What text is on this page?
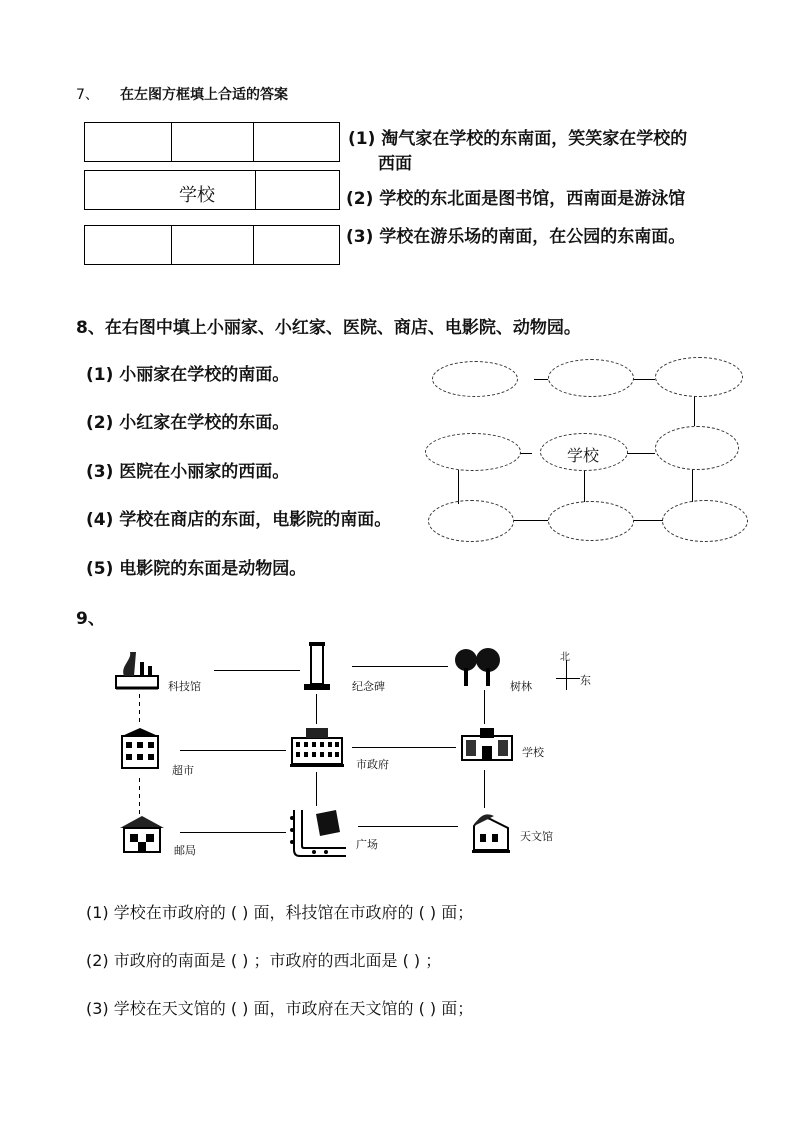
7、 在左图方框填上合适的答案
学校
(1) 淘气家在学校的东南面，笑笑家在学校的
西面
(2) 学校的东北面是图书馆，西南面是游泳馆
(3) 学校在游乐场的南面，在公园的东南面。
8、在右图中填上小丽家、小红家、医院、商店、电影院、动物园。
(1) 小丽家在学校的南面。
(2) 小红家在学校的东面。
(3) 医院在小丽家的西面。
(4) 学校在商店的东面，电影院的南面。
(5) 电影院的东面是动物园。
学校
9、
科技馆	纪念碑	树林
北
东
超市	市政府
学校
邮局	广场
天文馆
(1) 学校在市政府的 ( ) 面，科技馆在市政府的 ( ) 面；
(2) 市政府的南面是 ( ) ；市政府的西北面是 ( ) ；
(3) 学校在天文馆的 ( ) 面，市政府在天文馆的 ( ) 面；
